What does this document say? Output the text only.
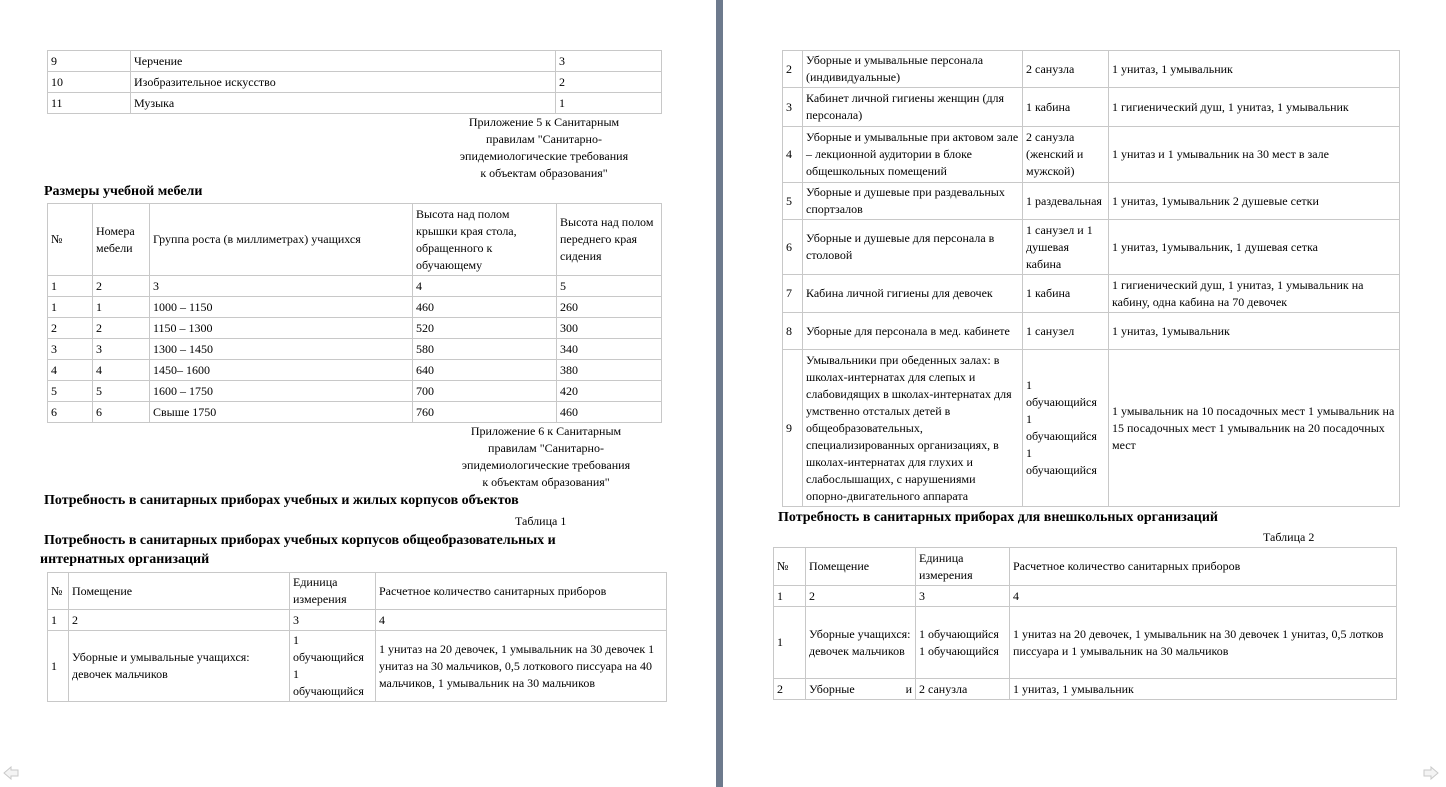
9	Черчение	3
10	Изобразительное искусство	2
11	Музыка	1
Приложение 5 к Санитарным
правилам "Санитарно-
эпидемиологические требования
к объектам образования"
Размеры учебной мебели
№	Номера мебели	Группа роста (в миллиметрах) учащихся	Высота над полом крышки края стола, обращенного к обучающему	Высота над полом переднего края сидения
1	2	3	4	5
1	1	1000 – 1150	460	260
2	2	1150 – 1300	520	300
3	3	1300 – 1450	580	340
4	4	1450– 1600	640	380
5	5	1600 – 1750	700	420
6	6	Свыше 1750	760	460
Приложение 6 к Санитарным
правилам "Санитарно-
эпидемиологические требования
к объектам образования"
Потребность в санитарных приборах учебных и жилых корпусов объектов
Таблица 1
Потребность в санитарных приборах учебных корпусов общеобразовательных и
интернатных организаций
№	Помещение	Единица измерения	Расчетное количество санитарных приборов
1	2	3	4
1	Уборные и умывальные учащихся: девочек мальчиков	1 обучающийся 1 обучающийся	1 унитаз на 20 девочек, 1 умывальник на 30 девочек 1 унитаз на 30 мальчиков, 0,5 лоткового писсуара на 40 мальчиков, 1 умывальник на 30 мальчиков
2	Уборные и умывальные персонала (индивидуальные)	2 санузла	1 унитаз, 1 умывальник
3	Кабинет личной гигиены женщин (для персонала)	1 кабина	1 гигиенический душ, 1 унитаз, 1 умывальник
4	Уборные и умывальные при актовом зале – лекционной аудитории в блоке общешкольных помещений	2 санузла (женский и мужской)	1 унитаз и 1 умывальник на 30 мест в зале
5	Уборные и душевые при раздевальных спортзалов	1 раздевальная	1 унитаз, 1умывальник 2 душевые сетки
6	Уборные и душевые для персонала в столовой	1 санузел и 1 душевая кабина	1 унитаз, 1умывальник, 1 душевая сетка
7	Кабина личной гигиены для девочек	1 кабина	1 гигиенический душ, 1 унитаз, 1 умывальник на кабину, одна кабина на 70 девочек
8	Уборные для персонала в мед. кабинете	1 санузел	1 унитаз, 1умывальник
9	Умывальники при обеденных залах: в школах-интернатах для слепых и слабовидящих в школах-интернатах для умственно отсталых детей в общеобразовательных, специализированных организациях, в школах-интернатах для глухих и слабослышащих, с нарушениями опорно-двигательного аппарата	1 обучающийся 1 обучающийся 1 обучающийся	1 умывальник на 10 посадочных мест 1 умывальник на 15 посадочных мест 1 умывальник на 20 посадочных мест
Потребность в санитарных приборах для внешкольных организаций
Таблица 2
№	Помещение	Единица измерения	Расчетное количество санитарных приборов
1	2	3	4
1	Уборные учащихся: девочек мальчиков	1 обучающийся 1 обучающийся	1 унитаз на 20 девочек, 1 умывальник на 30 девочек 1 унитаз, 0,5 лотков писсуара и 1 умывальник на 30 мальчиков
2	Уборные и	2 санузла	1 унитаз, 1 умывальник
